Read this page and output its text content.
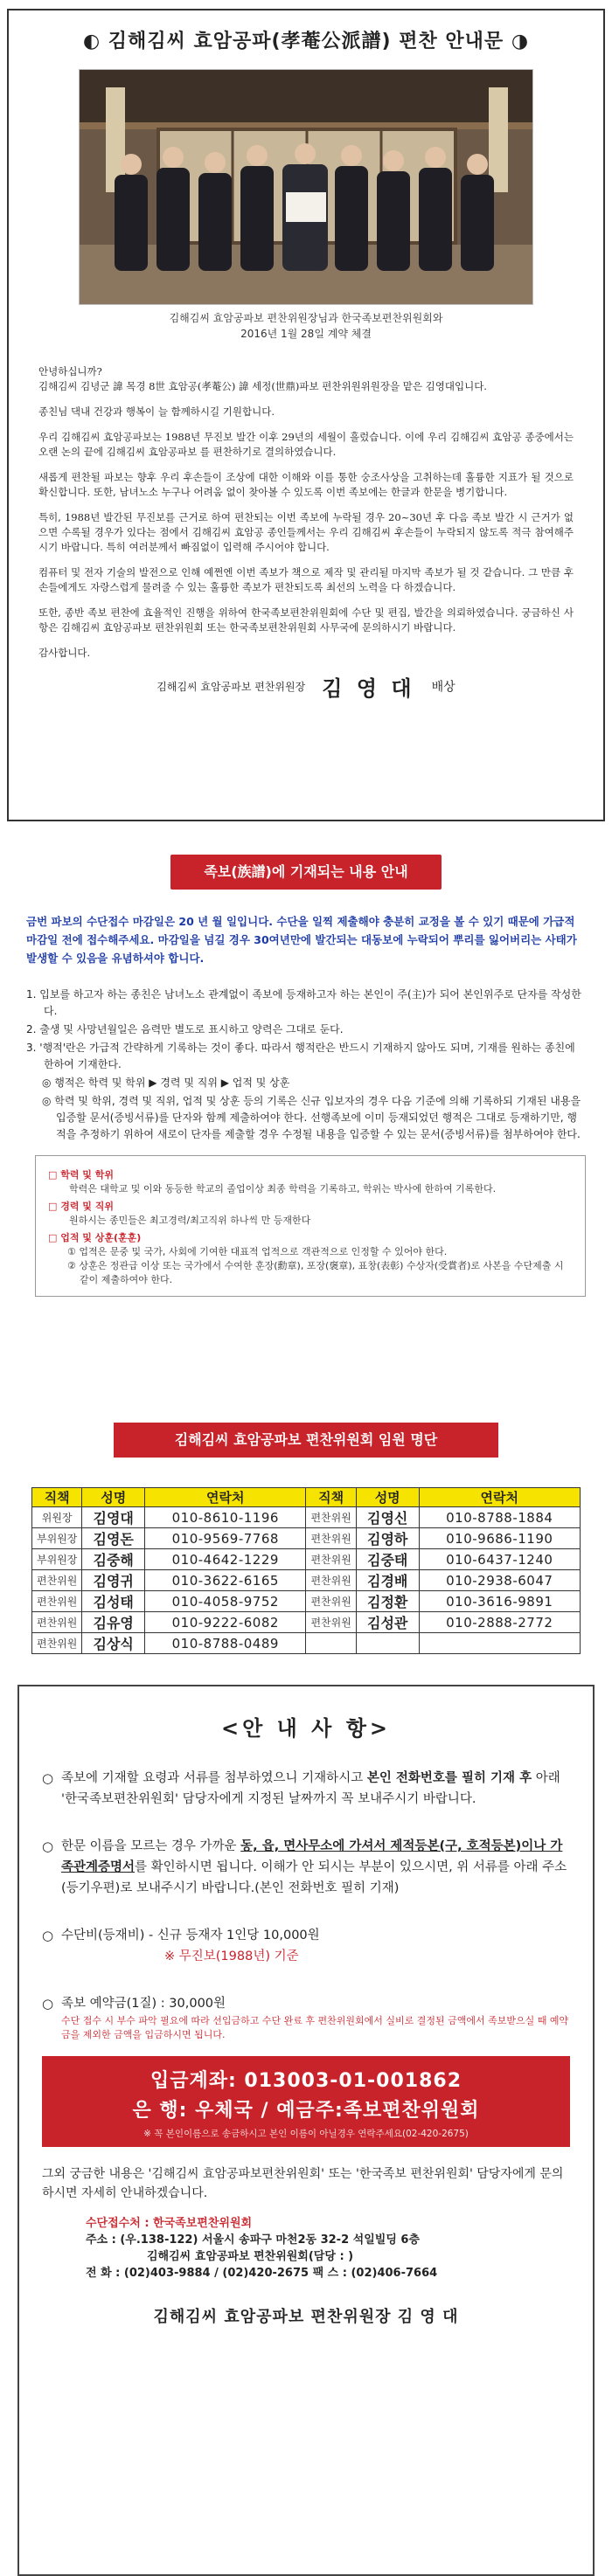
◐ 김해김씨 효암공파(孝菴公派譜) 편찬 안내문 ◑
김해김씨 효암공파보 편찬위원장님과 한국족보편찬위원회와
2016년 1월 28일 계약 체결

안녕하십니까?
김해김씨 김녕군 諱 목경 8世 효암공(孝菴公) 諱 세정(世鼎)파보 편찬위원위원장을 맡은 김영대입니다.

종친님 댁내 건강과 행복이 늘 함께하시길 기원합니다.

우리 김해김씨 효암공파보는 1988년 무진보 발간 이후 29년의 세월이 흘렀습니다. 이에 우리 김해김씨 효암공 종중에서는 오랜 논의 끝에 김해김씨 효암공파보 를 편찬하기로 결의하였습니다.

새롭게 편찬될 파보는 향후 우리 후손들이 조상에 대한 이해와 이를 통한 숭조사상을 고취하는데 훌륭한 지표가 될 것으로 확신합니다. 또한, 남녀노소 누구나 어려움 없이 찾아볼 수 있도록 이번 족보에는 한글과 한문을 병기합니다.

특히, 1988년 발간된 무진보를 근거로 하여 편찬되는 이번 족보에 누락될 경우 20~30년 후 다음 족보 발간 시 근거가 없으면 수록될 경우가 있다는 점에서 김해김씨 효암공 종인들께서는 우리 김해김씨 후손들이 누락되지 않도록 적극 참여해주시기 바랍니다. 특히 여러분께서 빠짐없이 입력해 주시어야 합니다.

컴퓨터 및 전자 기술의 발전으로 인해 예쩐엔 이번 족보가 책으로 제작 및 관리될 마지막 족보가 될 것 같습니다. 그 만큼 후손들에게도 자랑스럽게 물려줄 수 있는 훌륭한 족보가 편찬되도록 최선의 노력을 다 하겠습니다.

또한, 종반 족보 편찬에 효율적인 진행을 위하여 한국족보편찬위원회에 수단 및 편집, 발간을 의뢰하였습니다. 궁금하신 사항은 김해김씨 효암공파보 편찬위원회 또는 한국족보편찬위원회 사무국에 문의하시기 바랍니다.

감사합니다.

김해김씨 효암공파보 편찬위원장 김 영 대 배상
족보(族譜)에 기재되는 내용 안내
금번 파보의 수단접수 마감일은 20 년 월 일입니다. 수단을 일찍 제출해야 충분히 교정을 볼 수 있기 때문에 가급적 마감일 전에 접수해주세요. 마감일을 넘길 경우 30여년만에 발간되는 대동보에 누락되어 뿌리를 잃어버리는 사태가 발생할 수 있음을 유념하셔야 합니다.
1. 입보를 하고자 하는 종친은 남녀노소 관계없이 족보에 등재하고자 하는 본인이 주(主)가 되어 본인위주로 단자를 작성한다.
2. 출생 및 사망년월일은 음력만 별도로 표시하고 양력은 그대로 둔다.
3. '행적'란은 가급적 간략하게 기록하는 것이 좋다. 따라서 행적란은 반드시 기재하지 않아도 되며, 기재를 원하는 종친에 한하여 기재한다.
◎ 행적은 학력 및 학위 ▶ 경력 및 직위 ▶ 업적 및 상훈
◎ 학력 및 학위, 경력 및 직위, 업적 및 상훈 등의 기록은 신규 입보자의 경우 다음 기준에 의해 기록하되 기재된 내용을 입증할 문서(증빙서류)를 단자와 함께 제출하여야 한다. 선행족보에 이미 등재되었던 행적은 그대로 등재하기만, 행적을 추정하기 위하여 새로이 단자를 제출할 경우 수정될 내용을 입증할 수 있는 문서(증빙서류)를 첨부하여야 한다.
□ 학력 및 학위
학력은 대학교 및 이와 동등한 학교의 졸업이상 최종 학력을 기록하고, 학위는 박사에 한하여 기록한다.
□ 경력 및 직위
원하시는 종민들은 최고경력/최고직위 하나씩 만 등재한다
□ 업적 및 상훈(훈훈)
① 업적은 문중 및 국가, 사회에 기여한 대표적 업적으로 객관적으로 인정할 수 있어야 한다.
② 상훈은 정관급 이상 또는 국가에서 수여한 훈장(勳章), 포장(褒章), 표창(表彰) 수상자(受賞者)로 사본을 수단제출 시 같이 제출하여야 한다.
김해김씨 효암공파보 편찬위원회 임원 명단
직책	성명	연락처	직책	성명	연락처
위원장	김영대	010-8610-1196	편찬위원	김영신	010-8788-1884
부위원장	김영돈	010-9569-7768	편찬위원	김영하	010-9686-1190
부위원장	김중해	010-4642-1229	편찬위원	김중태	010-6437-1240
편찬위원	김영귀	010-3622-6165	편찬위원	김경배	010-2938-6047
편찬위원	김성태	010-4058-9752	편찬위원	김정환	010-3616-9891
편찬위원	김유영	010-9222-6082	편찬위원	김성관	010-2888-2772
편찬위원	김상식	010-8788-0489			
<안 내 사 항>
○ 족보에 기재할 요령과 서류를 첨부하였으니 기재하시고 본인 전화번호를 필히 기재 후 아래 '한국족보편찬위원회' 담당자에게 지정된 날짜까지 꼭 보내주시기 바랍니다.
○ 한문 이름을 모르는 경우 가까운 동, 읍, 면사무소에 가셔서 제적등본(구, 호적등본)이나 가족관계증명서를 확인하시면 됩니다. 이해가 안 되시는 부분이 있으시면, 위 서류를 아래 주소(등기우편)로 보내주시기 바랍니다.(본인 전화번호 필히 기재)
○ 수단비(등재비) - 신규 등재자 1인당 10,000원
※ 무진보(1988년) 기준
○ 족보 예약금(1질) : 30,000원
수단 접수 시 부수 파악 필요에 따라 선입금하고 수단 완료 후 편찬위원회에서 실비로 결정된 금액에서 족보받으실 때 예약금을 제외한 금액을 입금하시면 됩니다.
입금계좌: 013003-01-001862
은 행: 우체국 / 예금주:족보편찬위원회
※ 꼭 본인이름으로 송금하시고 본인 이름이 아닐경우 연락주세요(02-420-2675)
그외 궁금한 내용은 '김해김씨 효암공파보편찬위원회' 또는 '한국족보 편찬위원회' 담당자에게 문의하시면 자세히 안내하겠습니다.
수단접수처 : 한국족보편찬위원회
주소 : (우.138-122) 서울시 송파구 마천2동 32-2 석일빌딩 6층
김해김씨 효암공파보 편찬위원회(담당 : )
전 화 : (02)403-9884 / (02)420-2675 팩 스 : (02)406-7664
김해김씨 효암공파보 편찬위원장 김 영 대
